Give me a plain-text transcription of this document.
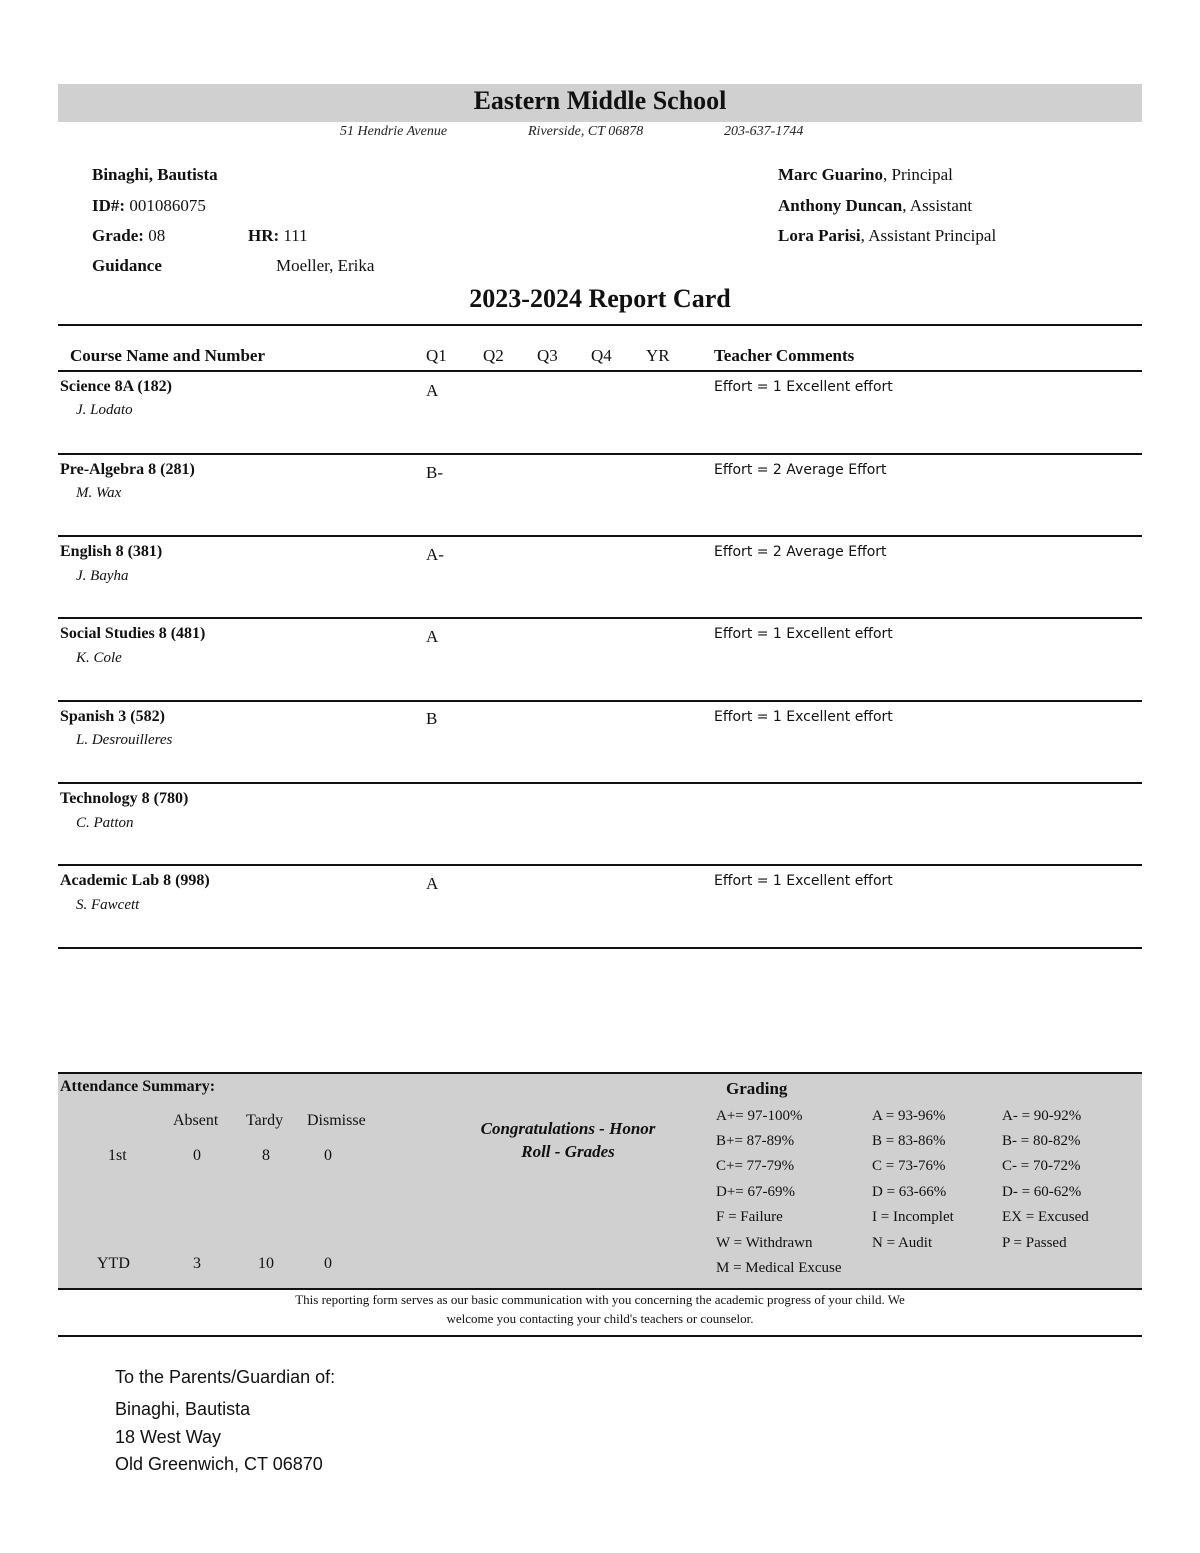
Eastern Middle School
51 Hendrie Avenue	Riverside, CT 06878	203-637-1744
Binaghi, Bautista
ID#: 001086075
Grade: 08	HR: 111
Guidance	Moeller, Erika
Marc Guarino, Principal
Anthony Duncan, Assistant
Lora Parisi, Assistant Principal
2023-2024 Report Card
Course Name and Number	Q1 Q2 Q3 Q4 YR	Teacher Comments
Science 8A (182)
J. Lodato
A	Effort = 1 Excellent effort
Pre-Algebra 8 (281)
M. Wax
B-	Effort = 2 Average Effort
English 8 (381)
J. Bayha
A-	Effort = 2 Average Effort
Social Studies 8 (481)
K. Cole
A	Effort = 1 Excellent effort
Spanish 3 (582)
L. Desrouilleres
B	Effort = 1 Excellent effort
Technology 8 (780)
C. Patton
Academic Lab 8 (998)
S. Fawcett
A	Effort = 1 Excellent effort
Attendance Summary:
Absent Tardy Dismisse
1st	0	8	0
YTD	3	10	0
Congratulations - Honor
Roll - Grades
Grading
A+= 97-100%	A = 93-96%	A- = 90-92%
B+= 87-89%	B = 83-86%	B- = 80-82%
C+= 77-79%	C = 73-76%	C- = 70-72%
D+= 67-69%	D = 63-66%	D- = 60-62%
F = Failure	I = Incomplet	EX = Excused
W = Withdrawn	N = Audit	P = Passed
M = Medical Excuse
This reporting form serves as our basic communication with you concerning the academic progress of your child. We
welcome you contacting your child's teachers or counselor.
To the Parents/Guardian of:
Binaghi, Bautista
18 West Way
Old Greenwich, CT 06870
